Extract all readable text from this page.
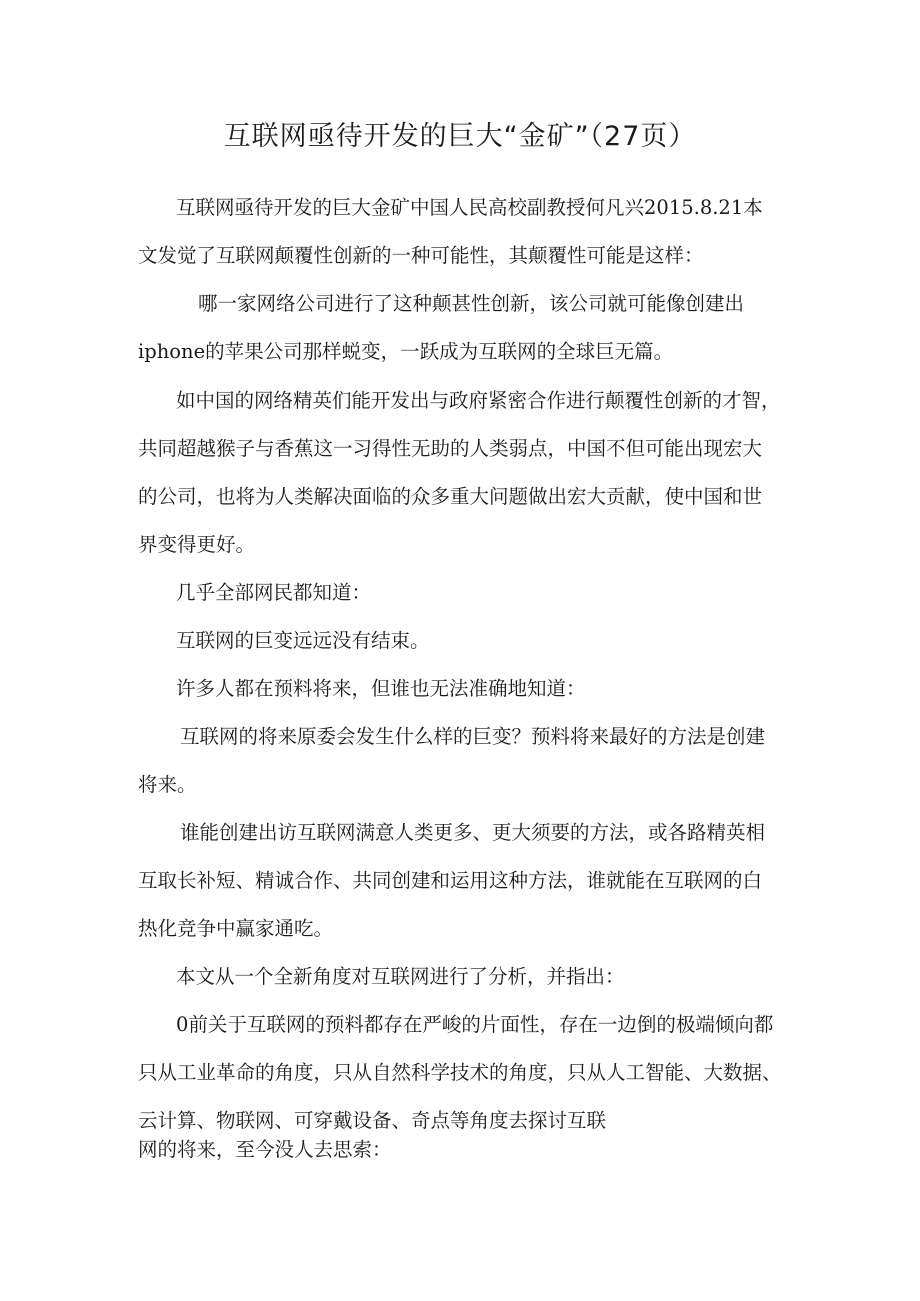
互联网亟待开发的巨大“金矿”（27页）
互联网亟待开发的巨大金矿中国人民高校副教授何凡兴2015.8.21本
文发觉了互联网颠覆性创新的一种可能性，其颠覆性可能是这样：
哪一家网络公司进行了这种颠甚性创新，该公司就可能像创建出
iphone的苹果公司那样蜕变，一跃成为互联网的全球巨无篇。
如中国的网络精英们能开发出与政府紧密合作进行颠覆性创新的才智，
共同超越猴子与香蕉这一习得性无助的人类弱点，中国不但可能出现宏大
的公司，也将为人类解决面临的众多重大问题做出宏大贡献，使中国和世
界变得更好。
几乎全部网民都知道：
互联网的巨变远远没有结束。
许多人都在预料将来，但谁也无法准确地知道：
互联网的将来原委会发生什么样的巨变？预料将来最好的方法是创建
将来。
谁能创建出访互联网满意人类更多、更大须要的方法，或各路精英相
互取长补短、精诚合作、共同创建和运用这种方法，谁就能在互联网的白
热化竞争中赢家通吃。
本文从一个全新角度对互联网进行了分析，并指出：
0前关于互联网的预料都存在严峻的片面性，存在一边倒的极端倾向都
只从工业革命的角度，只从自然科学技术的角度，只从人工智能、大数据、
云计算、物联网、可穿戴设备、奇点等角度去探讨互联
网的将来，至今没人去思索：
